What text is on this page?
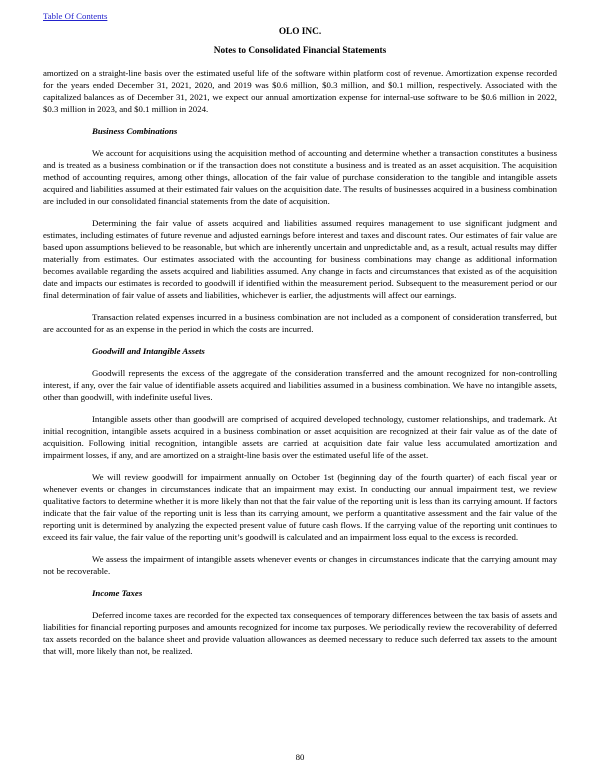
Table Of Contents
OLO INC.
Notes to Consolidated Financial Statements

amortized on a straight-line basis over the estimated useful life of the software within platform cost of revenue. Amortization expense recorded for the years ended December 31, 2021, 2020, and 2019 was $0.6 million, $0.3 million, and $0.1 million, respectively. Associated with the capitalized balances as of December 31, 2021, we expect our annual amortization expense for internal-use software to be $0.6 million in 2022, $0.3 million in 2023, and $0.1 million in 2024.

Business Combinations

We account for acquisitions using the acquisition method of accounting and determine whether a transaction constitutes a business and is treated as a business combination or if the transaction does not constitute a business and is treated as an asset acquisition. The acquisition method of accounting requires, among other things, allocation of the fair value of purchase consideration to the tangible and intangible assets acquired and liabilities assumed at their estimated fair values on the acquisition date. The results of businesses acquired in a business combination are included in our consolidated financial statements from the date of acquisition.

Determining the fair value of assets acquired and liabilities assumed requires management to use significant judgment and estimates, including estimates of future revenue and adjusted earnings before interest and taxes and discount rates. Our estimates of fair value are based upon assumptions believed to be reasonable, but which are inherently uncertain and unpredictable and, as a result, actual results may differ materially from estimates. Our estimates associated with the accounting for business combinations may change as additional information becomes available regarding the assets acquired and liabilities assumed. Any change in facts and circumstances that existed as of the acquisition date and impacts our estimates is recorded to goodwill if identified within the measurement period. Subsequent to the measurement period or our final determination of fair value of assets and liabilities, whichever is earlier, the adjustments will affect our earnings.

Transaction related expenses incurred in a business combination are not included as a component of consideration transferred, but are accounted for as an expense in the period in which the costs are incurred.

Goodwill and Intangible Assets

Goodwill represents the excess of the aggregate of the consideration transferred and the amount recognized for non-controlling interest, if any, over the fair value of identifiable assets acquired and liabilities assumed in a business combination. We have no intangible assets, other than goodwill, with indefinite useful lives.

Intangible assets other than goodwill are comprised of acquired developed technology, customer relationships, and trademark. At initial recognition, intangible assets acquired in a business combination or asset acquisition are recognized at their fair value as of the date of acquisition. Following initial recognition, intangible assets are carried at acquisition date fair value less accumulated amortization and impairment losses, if any, and are amortized on a straight-line basis over the estimated useful life of the asset.

We will review goodwill for impairment annually on October 1st (beginning day of the fourth quarter) of each fiscal year or whenever events or changes in circumstances indicate that an impairment may exist. In conducting our annual impairment test, we review qualitative factors to determine whether it is more likely than not that the fair value of the reporting unit is less than its carrying amount. If factors indicate that the fair value of the reporting unit is less than its carrying amount, we perform a quantitative assessment and the fair value of the reporting unit is determined by analyzing the expected present value of future cash flows. If the carrying value of the reporting unit continues to exceed its fair value, the fair value of the reporting unit’s goodwill is calculated and an impairment loss equal to the excess is recorded.

We assess the impairment of intangible assets whenever events or changes in circumstances indicate that the carrying amount may not be recoverable.

Income Taxes

Deferred income taxes are recorded for the expected tax consequences of temporary differences between the tax basis of assets and liabilities for financial reporting purposes and amounts recognized for income tax purposes. We periodically review the recoverability of deferred tax assets recorded on the balance sheet and provide valuation allowances as deemed necessary to reduce such deferred tax assets to the amount that will, more likely than not, be realized.

80
